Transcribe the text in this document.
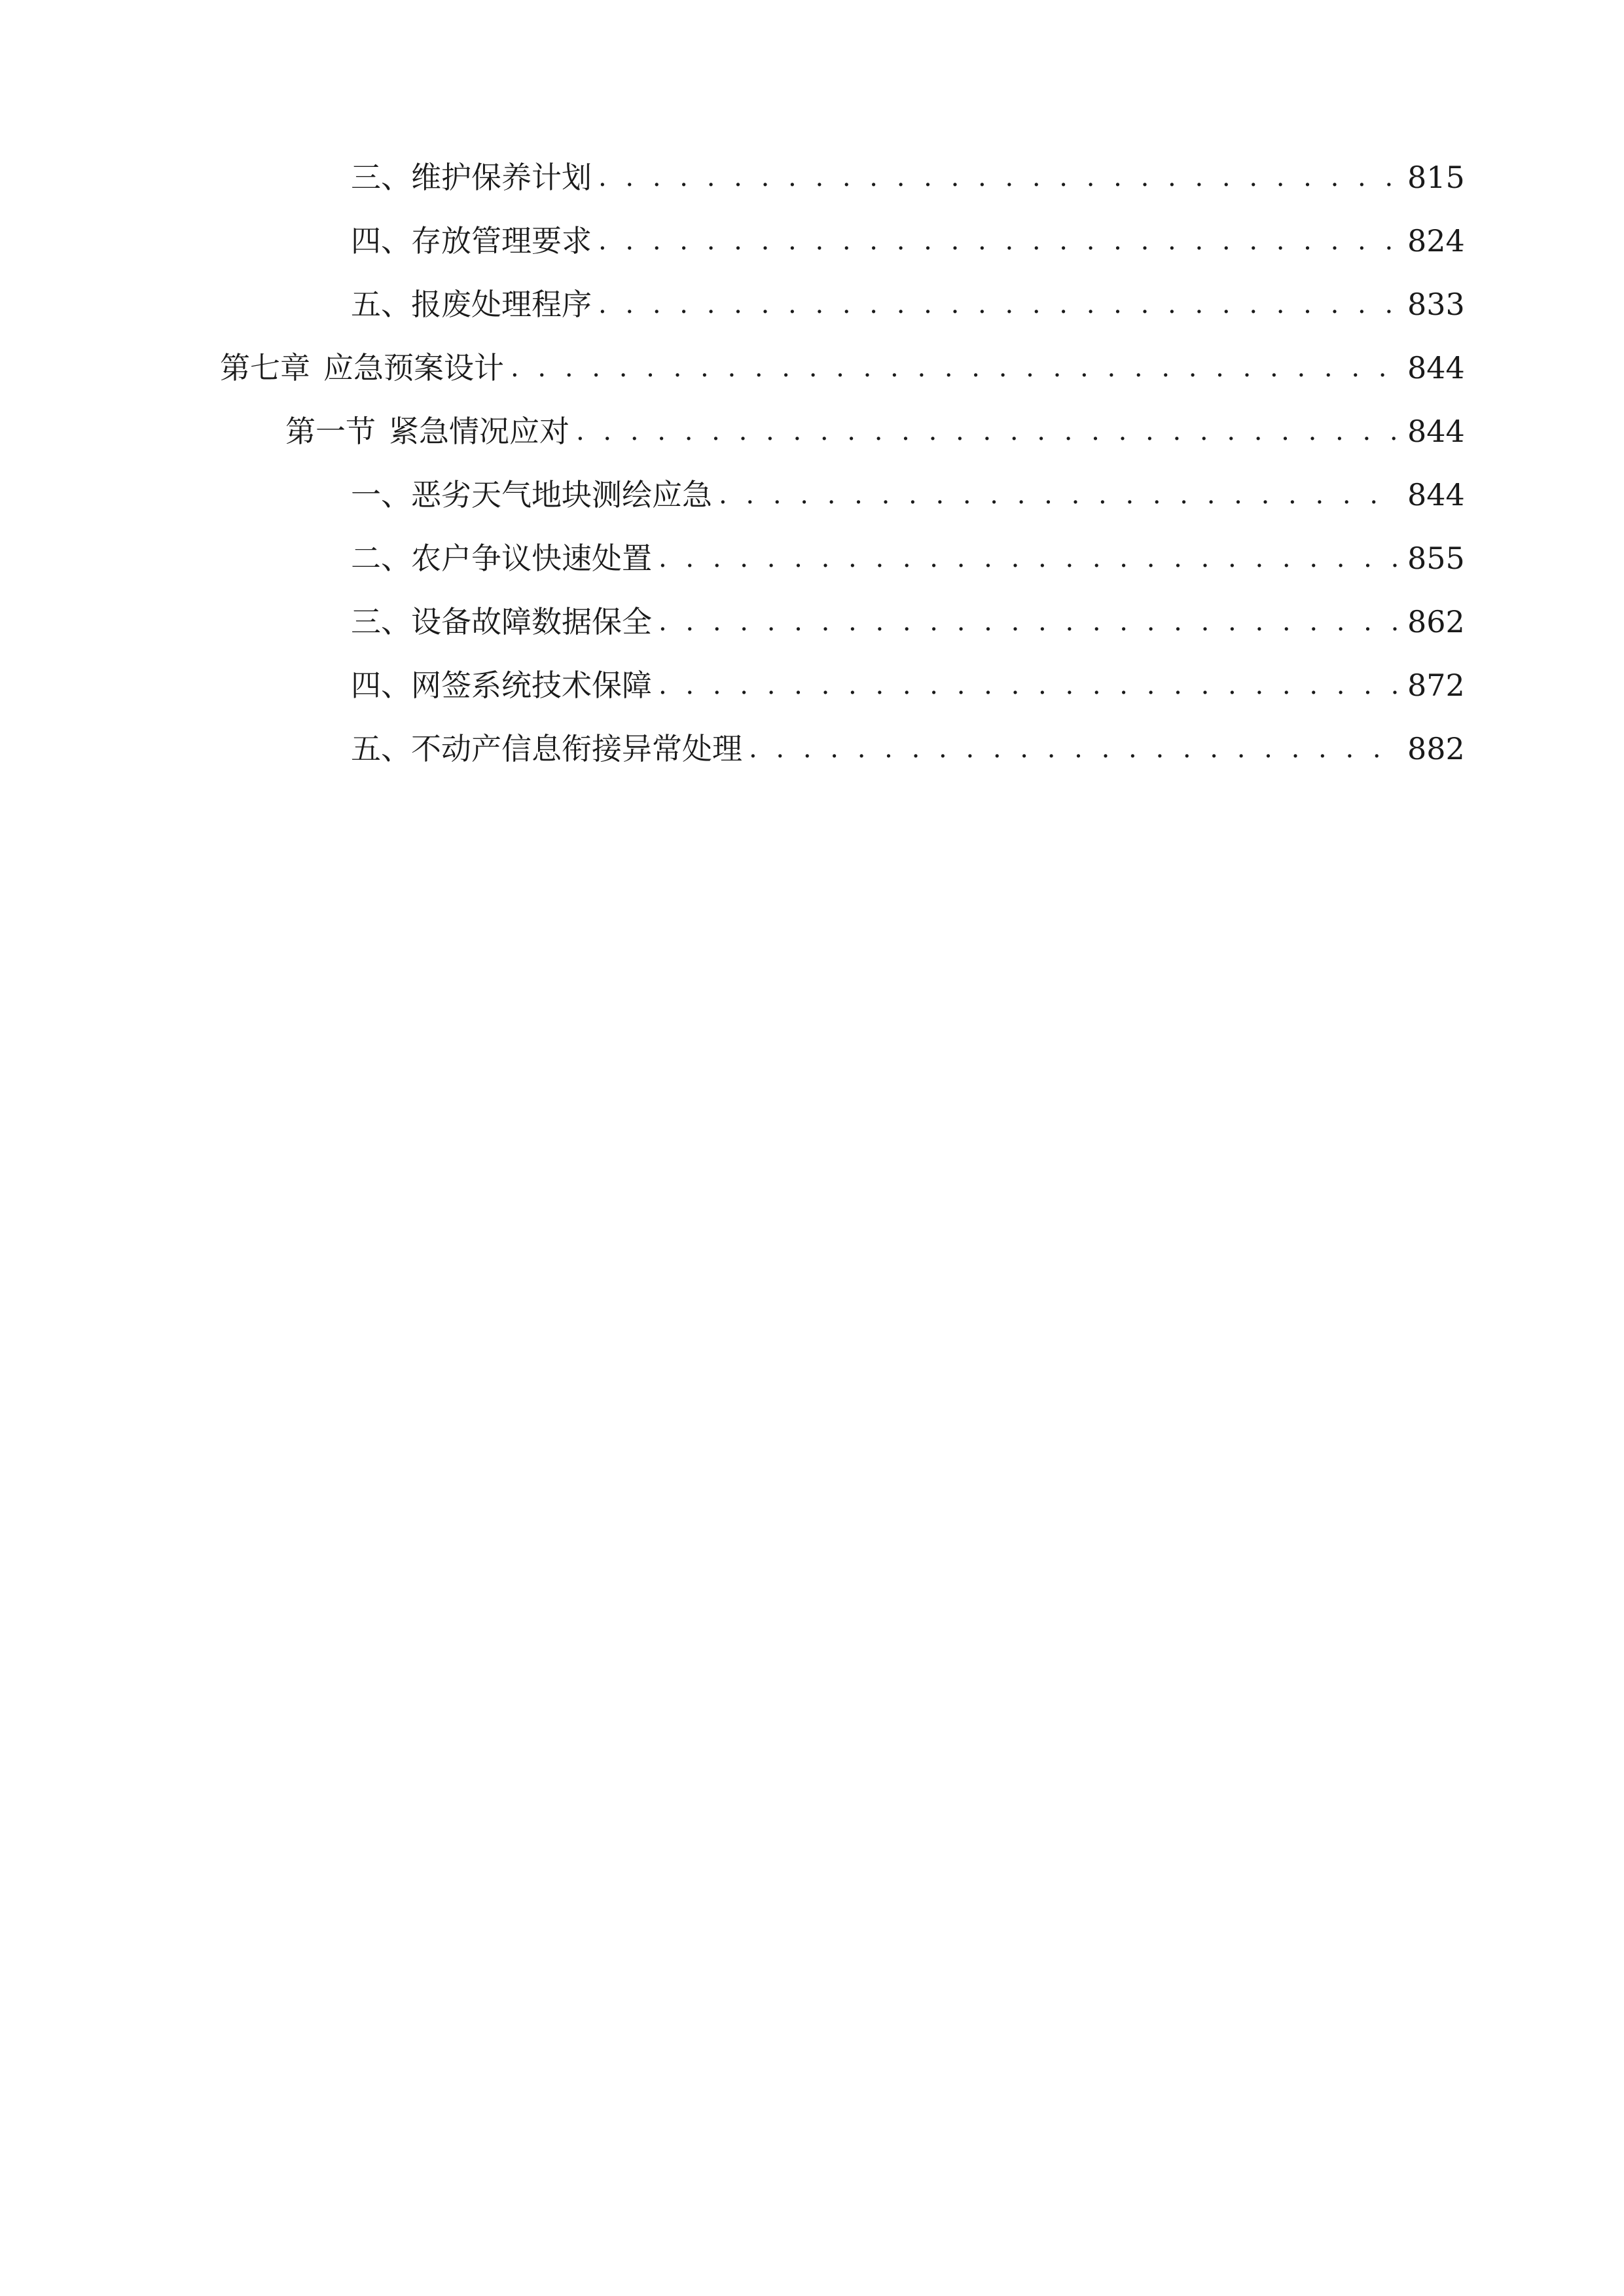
三、 维护保养计划 . . .	815
四、 存放管理要求 . . .	824
五、 报废处理程序 . . .	833
第七章 应急预案设计 . . .	844
第一节 紧急情况应对 . . .	844
一、 恶劣天气地块测绘应急 . . .	844
二、 农户争议快速处置 . . .	855
三、 设备故障数据保全 . . .	862
四、 网签系统技术保障 . . .	872
五、 不动产信息衔接异常处理 . . .	882
